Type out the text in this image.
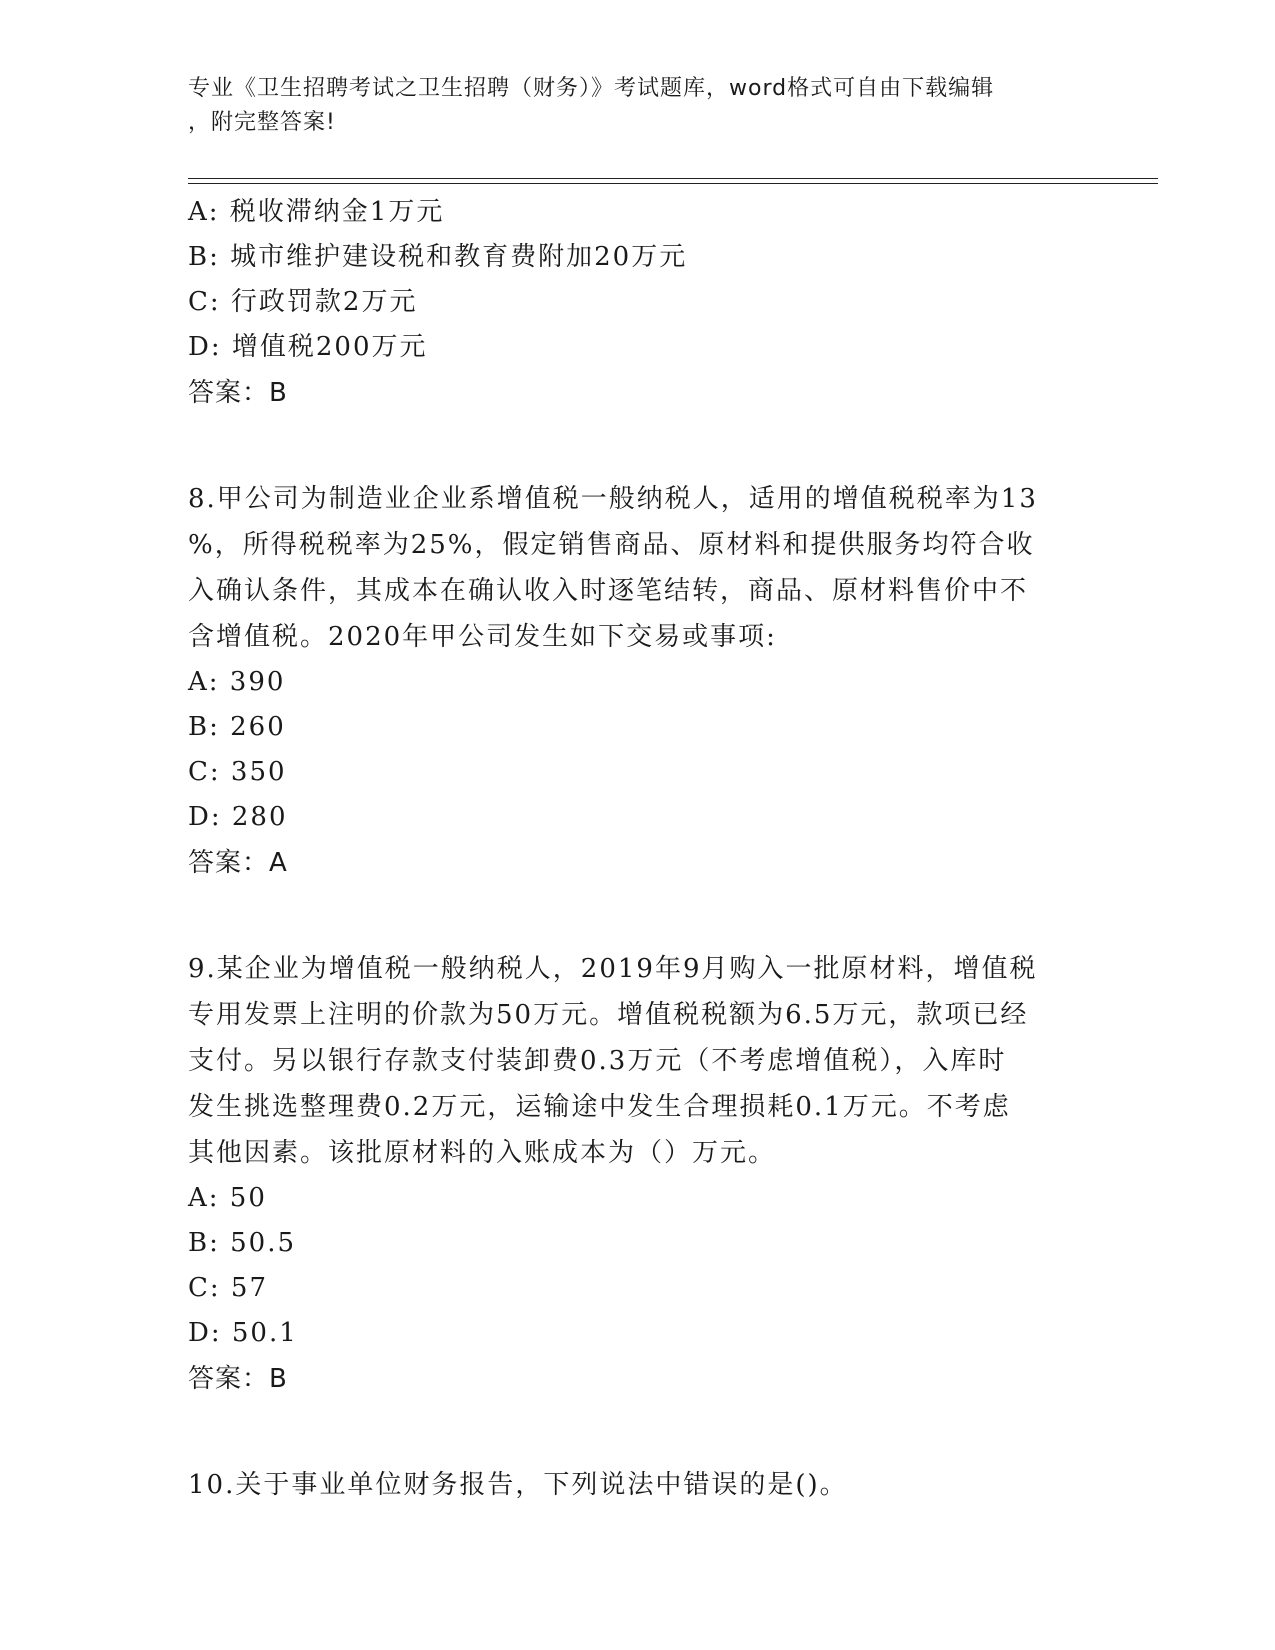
专业《卫生招聘考试之卫生招聘（财务）》考试题库，word格式可自由下载编辑
，附完整答案!
A: 税收滞纳金1万元
B: 城市维护建设税和教育费附加20万元
C: 行政罚款2万元
D: 增值税200万元
答案：B
8.甲公司为制造业企业系增值税一般纳税人，适用的增值税税率为13
%，所得税税率为25%，假定销售商品、原材料和提供服务均符合收
入确认条件，其成本在确认收入时逐笔结转，商品、原材料售价中不
含增值税。2020年甲公司发生如下交易或事项:
A: 390
B: 260
C: 350
D: 280
答案：A
9.某企业为增值税一般纳税人，2019年9月购入一批原材料，增值税
专用发票上注明的价款为50万元。增值税税额为6.5万元，款项已经
支付。另以银行存款支付装卸费0.3万元（不考虑增值税），入库时
发生挑选整理费0.2万元，运输途中发生合理损耗0.1万元。不考虑
其他因素。该批原材料的入账成本为（）万元。
A: 50
B: 50.5
C: 57
D: 50.1
答案：B
10.关于事业单位财务报告，下列说法中错误的是()。
